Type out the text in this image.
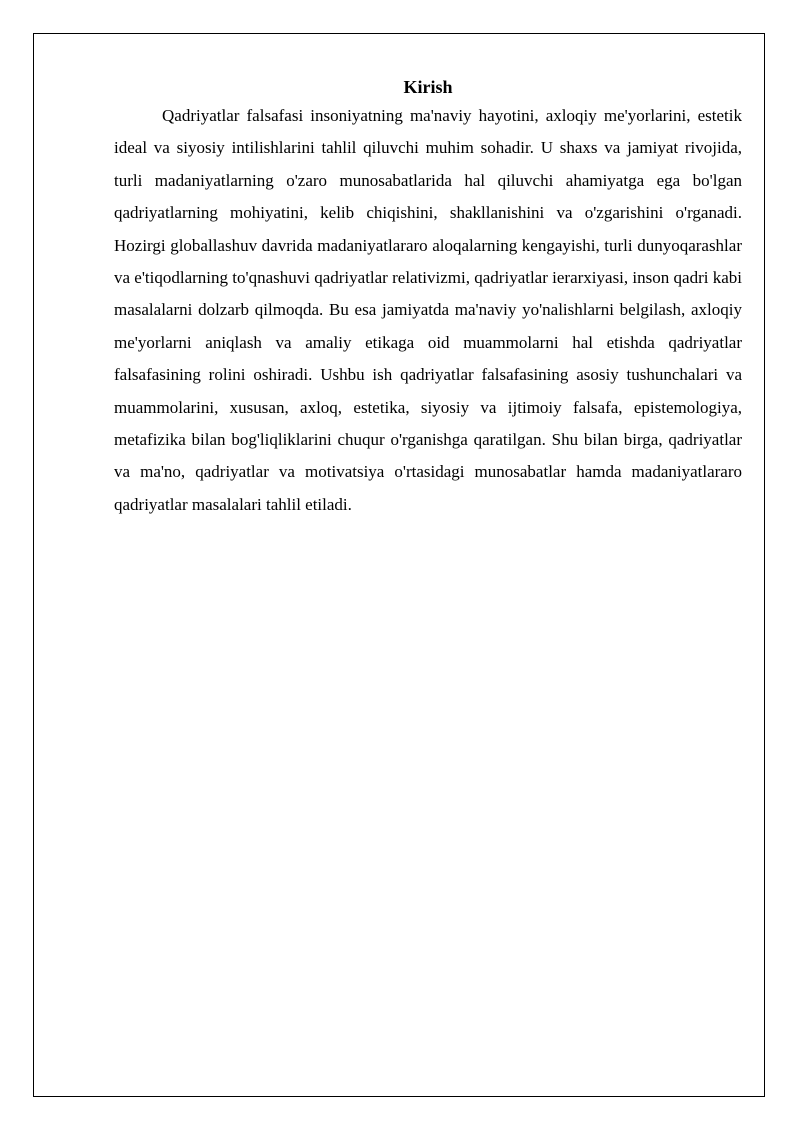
Kirish

Qadriyatlar falsafasi insoniyatning ma'naviy hayotini, axloqiy me'yorlarini, estetik ideal va siyosiy intilishlarini tahlil qiluvchi muhim sohadir. U shaxs va jamiyat rivojida, turli madaniyatlarning o'zaro munosabatlarida hal qiluvchi ahamiyatga ega bo'lgan qadriyatlarning mohiyatini, kelib chiqishini, shakllanishini va o'zgarishini o'rganadi. Hozirgi globallashuv davrida madaniyatlararo aloqalarning kengayishi, turli dunyoqarashlar va e'tiqodlarning to'qnashuvi qadriyatlar relativizmi, qadriyatlar ierarxiyasi, inson qadri kabi masalalarni dolzarb qilmoqda. Bu esa jamiyatda ma'naviy yo'nalishlarni belgilash, axloqiy me'yorlarni aniqlash va amaliy etikaga oid muammolarni hal etishda qadriyatlar falsafasining rolini oshiradi. Ushbu ish qadriyatlar falsafasining asosiy tushunchalari va muammolarini, xususan, axloq, estetika, siyosiy va ijtimoiy falsafa, epistemologiya, metafizika bilan bog'liqliklarini chuqur o'rganishga qaratilgan. Shu bilan birga, qadriyatlar va ma'no, qadriyatlar va motivatsiya o'rtasidagi munosabatlar hamda madaniyatlararo qadriyatlar masalalari tahlil etiladi.
